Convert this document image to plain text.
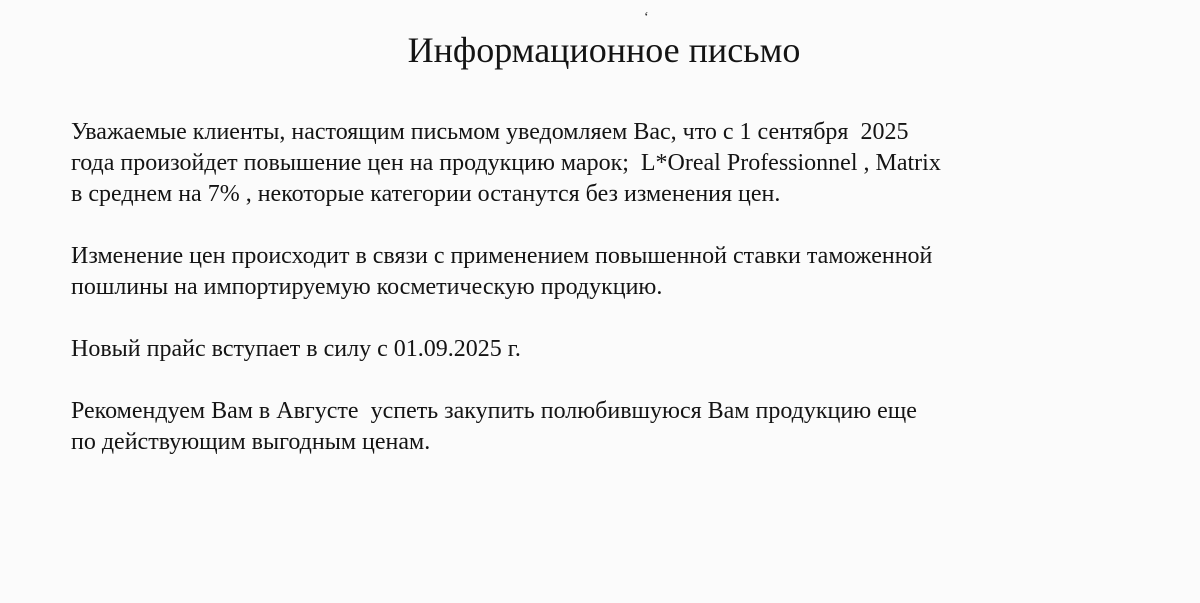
‘
Информационное письмо

Уважаемые клиенты, настоящим письмом уведомляем Вас, что с 1 сентября  2025
года произойдет повышение цен на продукцию марок;  L*Oreal Professionnel , Matrix
в среднем на 7% , некоторые категории останутся без изменения цен.

Изменение цен происходит в связи с применением повышенной ставки таможенной
пошлины на импортируемую косметическую продукцию.

Новый прайс вступает в силу с 01.09.2025 г.

Рекомендуем Вам в Августе  успеть закупить полюбившуюся Вам продукцию еще
по действующим выгодным ценам.
